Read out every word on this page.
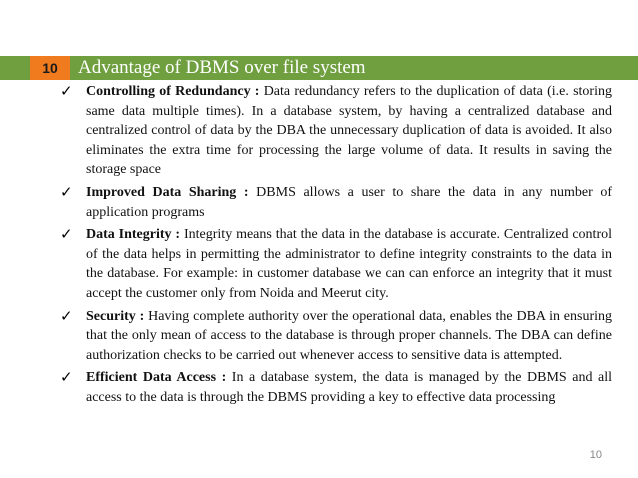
10	Advantage of DBMS over file system
✓ Controlling of Redundancy : Data redundancy refers to the duplication of data (i.e. storing same data multiple times). In a database system, by having a centralized database and centralized control of data by the DBA the unnecessary duplication of data is avoided. It also eliminates the extra time for processing the large volume of data. It results in saving the storage space
✓ Improved Data Sharing : DBMS allows a user to share the data in any number of application programs
✓ Data Integrity : Integrity means that the data in the database is accurate. Centralized control of the data helps in permitting the administrator to define integrity constraints to the data in the database. For example: in customer database we can can enforce an integrity that it must accept the customer only from Noida and Meerut city.
✓ Security : Having complete authority over the operational data, enables the DBA in ensuring that the only mean of access to the database is through proper channels. The DBA can define authorization checks to be carried out whenever access to sensitive data is attempted.
✓ Efficient Data Access : In a database system, the data is managed by the DBMS and all access to the data is through the DBMS providing a key to effective data processing
10
